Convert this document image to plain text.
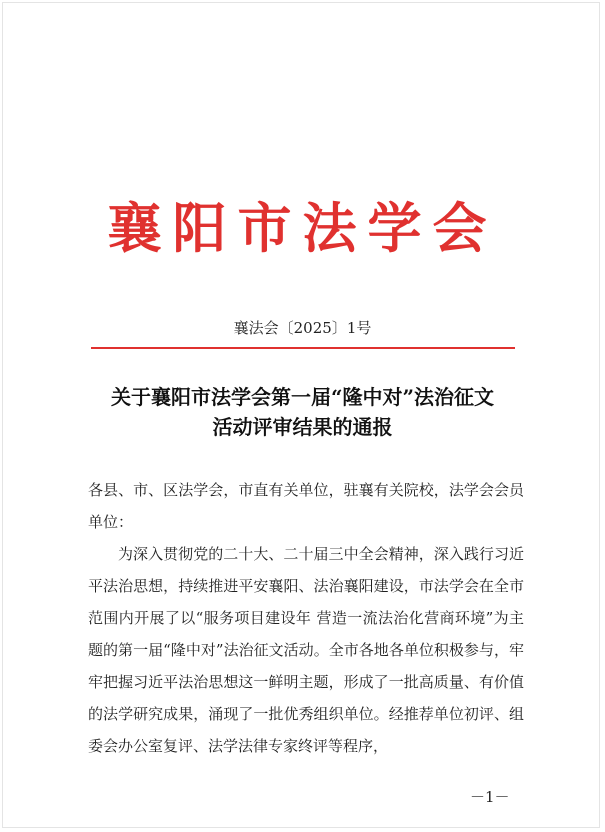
襄阳市法学会
襄法会〔2025〕1号
关于襄阳市法学会第一届“隆中对”法治征文
活动评审结果的通报

各县、市、区法学会，市直有关单位，驻襄有关院校，法学会会员单位：

为深入贯彻党的二十大、二十届三中全会精神，深入践行习近平法治思想，持续推进平安襄阳、法治襄阳建设，市法学会在全市范围内开展了以“服务项目建设年 营造一流法治化营商环境”为主题的第一届“隆中对”法治征文活动。全市各地各单位积极参与，牢牢把握习近平法治思想这一鲜明主题，形成了一批高质量、有价值的法学研究成果，涌现了一批优秀组织单位。经推荐单位初评、组委会办公室复评、法学法律专家终评等程序，

－1－
